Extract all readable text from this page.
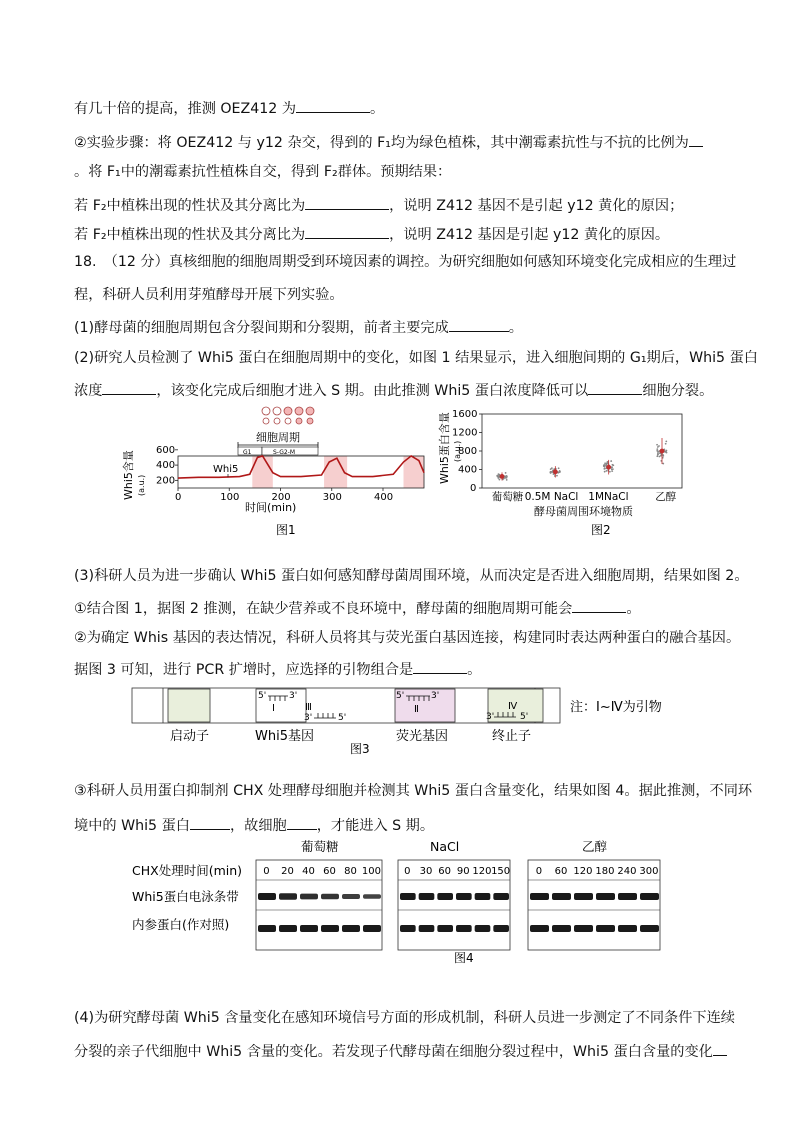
有几十倍的提高，推测 OEZ412 为	。
②实验步骤：将 OEZ412 与 y12 杂交，得到的 F₁均为绿色植株，其中潮霉素抗性与不抗的比例为
。将 F₁中的潮霉素抗性植株自交，得到 F₂群体。预期结果：
若 F₂中植株出现的性状及其分离比为	，说明 Z412 基因不是引起 y12 黄化的原因；
若 F₂中植株出现的性状及其分离比为	，说明 Z412 基因是引起 y12 黄化的原因。
18.　（12 分）真核细胞的细胞周期受到环境因素的调控。为研究细胞如何感知环境变化完成相应的生理过
程，科研人员利用芽殖酵母开展下列实验。
(1)酵母菌的细胞周期包含分裂间期和分裂期，前者主要完成	。
(2)研究人员检测了 Whi5 蛋白在细胞周期中的变化，如图 1 结果显示，进入细胞间期的 G₁期后，Whi5 蛋白
浓度	，该变化完成后细胞才进入 S 期。由此推测 Whi5 蛋白浓度降低可以	细胞分裂。
细胞周期
G1	S-G2-M
600
400
200
0	100	200	300	400
Whi5含量 (a.u.)
Whi5
时间(min)
图1
Whi5蛋白含量 (a.u.)
1600
1200
800
400
0
葡萄糖 0.5M NaCl 1MNaCl	乙醇
酵母菌周围环境物质
图2
(3)科研人员为进一步确认 Whi5 蛋白如何感知酵母菌周围环境，从而决定是否进入细胞周期，结果如图 2。
①结合图 1，据图 2 推测，在缺少营养或不良环境中，酵母菌的细胞周期可能会	。
②为确定 Whis 基因的表达情况，科研人员将其与荧光蛋白基因连接，构建同时表达两种蛋白的融合基因。
据图 3 可知，进行 PCR 扩增时，应选择的引物组合是	。
5'	3'
Ⅰ	Ⅲ
3'	5'
5'	3'
Ⅱ	Ⅳ
3'	5'
注：Ⅰ~Ⅳ为引物
启动子	Whi5基因	荧光基因	终止子
图3
③科研人员用蛋白抑制剂 CHX 处理酵母细胞并检测其 Whi5 蛋白含量变化，结果如图 4。据此推测，不同环
境中的 Whi5 蛋白	，故细胞 ，才能进入 S 期。
CHX处理时间(min)
Whi5蛋白电泳条带
内参蛋白(作对照)
葡萄糖
0 20 40 60 80 100
NaCl
0 30 60 90 120 150
乙醇
0 60 120 180 240 300
图4
(4)为研究酵母菌 Whi5 含量变化在感知环境信号方面的形成机制，科研人员进一步测定了不同条件下连续
分裂的亲子代细胞中 Whi5 含量的变化。若发现子代酵母菌在细胞分裂过程中，Whi5 蛋白含量的变化
